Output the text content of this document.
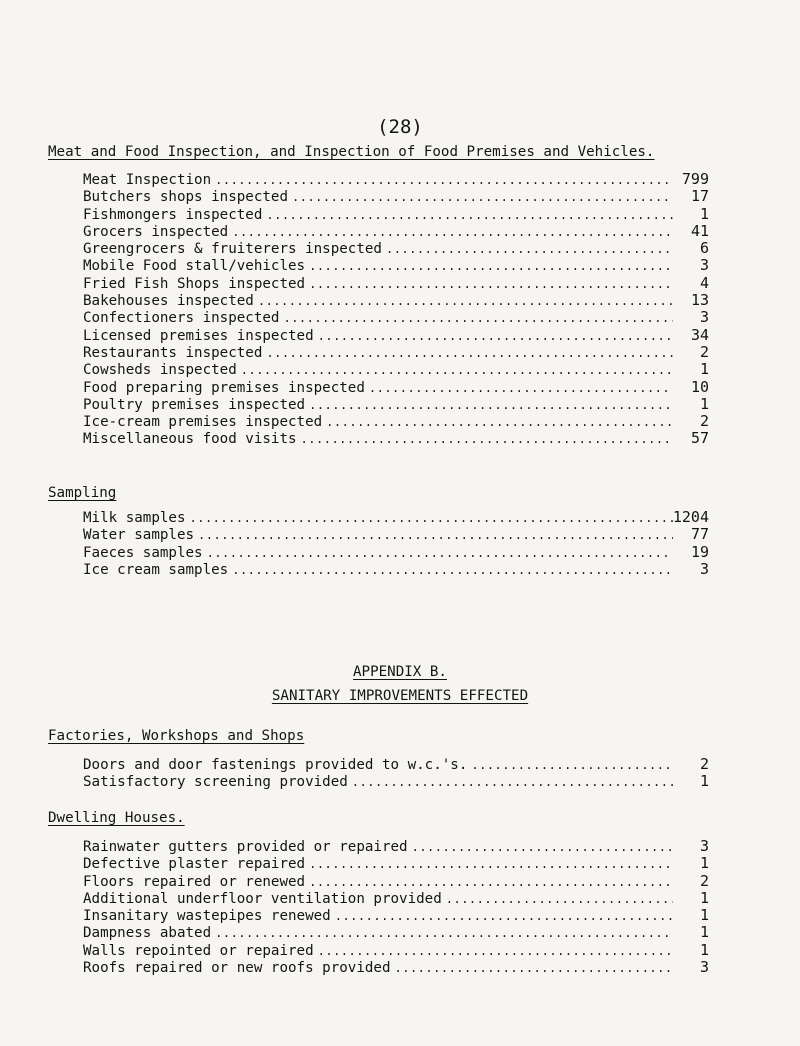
(28)
Meat and Food Inspection, and Inspection of Food Premises and Vehicles.
Meat Inspection .....	799
Butchers shops inspected .....	17
Fishmongers inspected .....	1
Grocers inspected .....	41
Greengrocers & fruiterers inspected .....	6
Mobile Food stall/vehicles .....	3
Fried Fish Shops inspected .....	4
Bakehouses inspected .....	13
Confectioners inspected .....	3
Licensed premises inspected .....	34
Restaurants inspected .....	2
Cowsheds inspected .....	1
Food preparing premises inspected .....	10
Poultry premises inspected .....	1
Ice-cream premises inspected .....	2
Miscellaneous food visits .....	57
Sampling
Milk samples .....	1204
Water samples .....	77
Faeces samples .....	19
Ice cream samples .....	3
APPENDIX B.
SANITARY IMPROVEMENTS EFFECTED
Factories, Workshops and Shops
Doors and door fastenings provided to w.c.'s. .....	2
Satisfactory screening provided .....	1
Dwelling Houses.
Rainwater gutters provided or repaired .....	3
Defective plaster repaired .....	1
Floors repaired or renewed .....	2
Additional underfloor ventilation provided .....	1
Insanitary wastepipes renewed .....	1
Dampness abated .....	1
Walls repointed or repaired .....	1
Roofs repaired or new roofs provided .....	3
